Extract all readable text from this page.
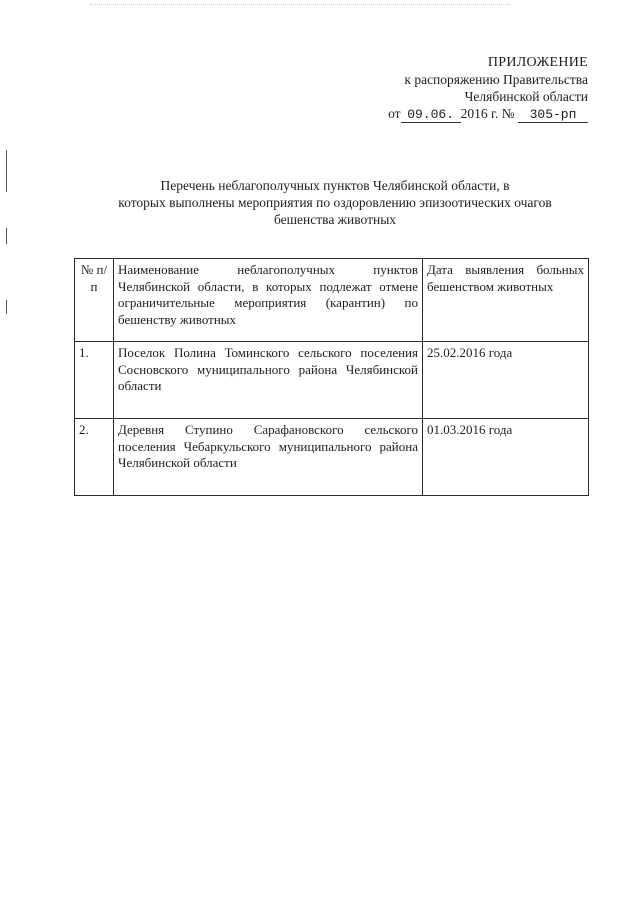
ПРИЛОЖЕНИЕ
к распоряжению Правительства
Челябинской области
от 09.06. 2016 г. № 305-рп
Перечень неблагополучных пунктов Челябинской области, в
которых выполнены мероприятия по оздоровлению эпизоотических очагов
бешенства животных
№ п/п	Наименование неблагополучных пунктов Челябинской области, в которых подлежат отмене ограничительные мероприятия (карантин) по бешенству животных	Дата выявления больных бешенством животных
1.	Поселок Полина Томинского сельского поселения Сосновского муниципального района Челябинской области	25.02.2016 года
2.	Деревня Ступино Сарафановского сельского поселения Чебаркульского муниципального района Челябинской области	01.03.2016 года
